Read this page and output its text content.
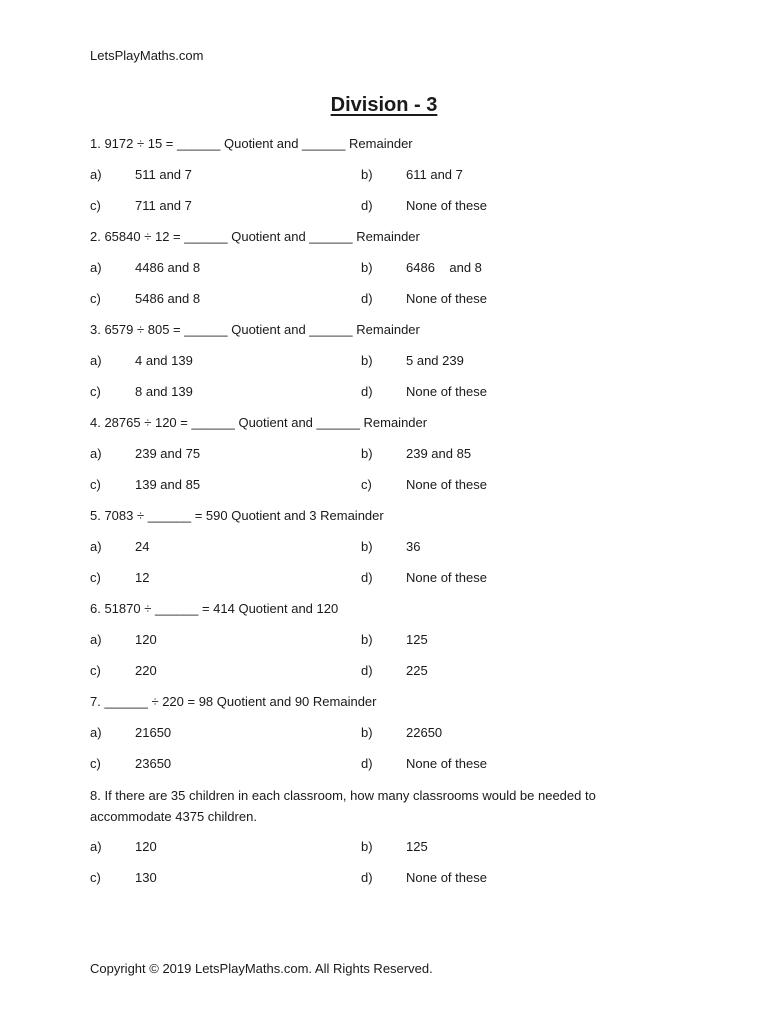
LetsPlayMaths.com
Division - 3
1. 9172 ÷ 15 = ______ Quotient and ______ Remainder
a)	511 and 7	b)	611 and 7
c)	711 and 7	d)	None of these
2. 65840 ÷ 12 = ______ Quotient and ______ Remainder
a)	4486 and 8	b)	6486    and 8
c)	5486 and 8	d)	None of these
3. 6579 ÷ 805 = ______ Quotient and ______ Remainder
a)	4 and 139	b)	5 and 239
c)	8 and 139	d)	None of these
4. 28765 ÷ 120 = ______ Quotient and ______ Remainder
a)	239 and 75	b)	239 and 85
c)	139 and 85	c)	None of these
5. 7083 ÷ ______ = 590 Quotient and 3 Remainder
a)	24	b)	36
c)	12	d)	None of these
6. 51870 ÷ ______ = 414 Quotient and 120
a)	120	b)	125
c)	220	d)	225
7. ______ ÷ 220 = 98 Quotient and 90 Remainder
a)	21650	b)	22650
c)	23650	d)	None of these
8. If there are 35 children in each classroom, how many classrooms would be needed to accommodate 4375 children.
a)	120	b)	125
c)	130	d)	None of these
Copyright © 2019 LetsPlayMaths.com. All Rights Reserved.
